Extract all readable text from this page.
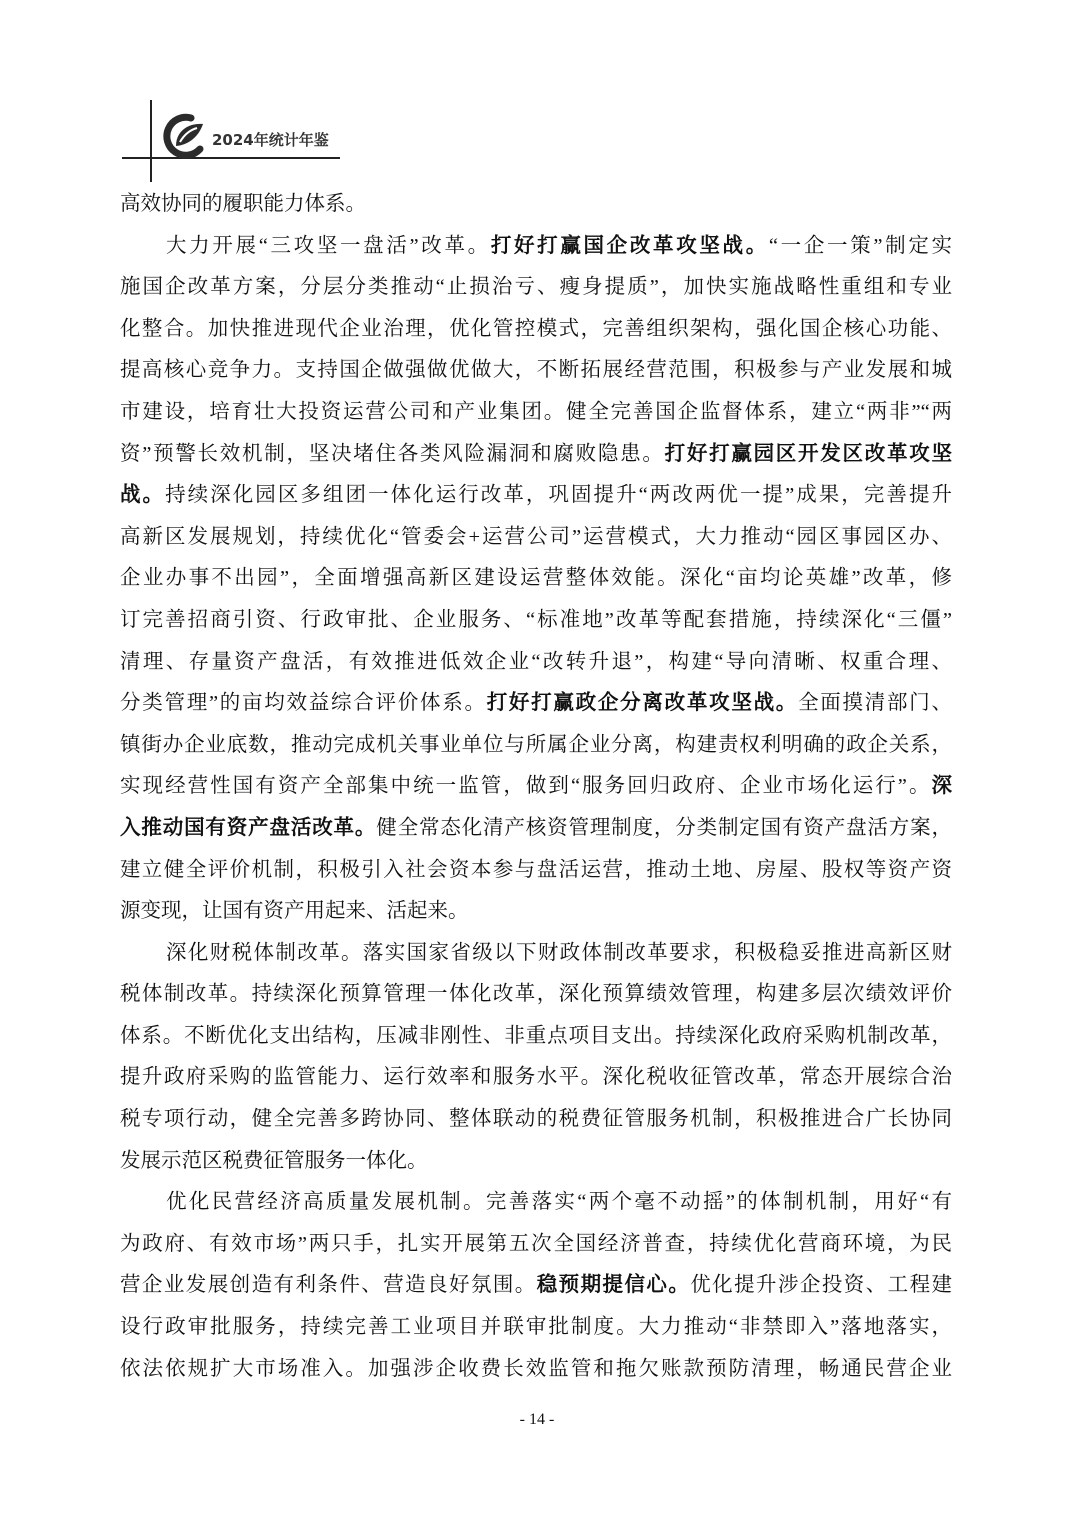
2024年统计年鉴
高效协同的履职能力体系。
大力开展“三攻坚一盘活”改革。打好打赢国企改革攻坚战。“一企一策”制定实
施国企改革方案，分层分类推动“止损治亏、瘦身提质”，加快实施战略性重组和专业
化整合。加快推进现代企业治理，优化管控模式，完善组织架构，强化国企核心功能、
提高核心竞争力。支持国企做强做优做大，不断拓展经营范围，积极参与产业发展和城
市建设，培育壮大投资运营公司和产业集团。健全完善国企监督体系，建立“两非”“两
资”预警长效机制，坚决堵住各类风险漏洞和腐败隐患。打好打赢园区开发区改革攻坚
战。持续深化园区多组团一体化运行改革，巩固提升“两改两优一提”成果，完善提升
高新区发展规划，持续优化“管委会+运营公司”运营模式，大力推动“园区事园区办、
企业办事不出园”，全面增强高新区建设运营整体效能。深化“亩均论英雄”改革，修
订完善招商引资、行政审批、企业服务、“标准地”改革等配套措施，持续深化“三僵”
清理、存量资产盘活，有效推进低效企业“改转升退”，构建“导向清晰、权重合理、
分类管理”的亩均效益综合评价体系。打好打赢政企分离改革攻坚战。全面摸清部门、
镇街办企业底数，推动完成机关事业单位与所属企业分离，构建责权利明确的政企关系，
实现经营性国有资产全部集中统一监管，做到“服务回归政府、企业市场化运行”。深
入推动国有资产盘活改革。健全常态化清产核资管理制度，分类制定国有资产盘活方案，
建立健全评价机制，积极引入社会资本参与盘活运营，推动土地、房屋、股权等资产资
源变现，让国有资产用起来、活起来。
深化财税体制改革。落实国家省级以下财政体制改革要求，积极稳妥推进高新区财
税体制改革。持续深化预算管理一体化改革，深化预算绩效管理，构建多层次绩效评价
体系。不断优化支出结构，压减非刚性、非重点项目支出。持续深化政府采购机制改革，
提升政府采购的监管能力、运行效率和服务水平。深化税收征管改革，常态开展综合治
税专项行动，健全完善多跨协同、整体联动的税费征管服务机制，积极推进合广长协同
发展示范区税费征管服务一体化。
优化民营经济高质量发展机制。完善落实“两个毫不动摇”的体制机制，用好“有
为政府、有效市场”两只手，扎实开展第五次全国经济普查，持续优化营商环境，为民
营企业发展创造有利条件、营造良好氛围。稳预期提信心。优化提升涉企投资、工程建
设行政审批服务，持续完善工业项目并联审批制度。大力推动“非禁即入”落地落实，
依法依规扩大市场准入。加强涉企收费长效监管和拖欠账款预防清理，畅通民营企业
- 14 -
